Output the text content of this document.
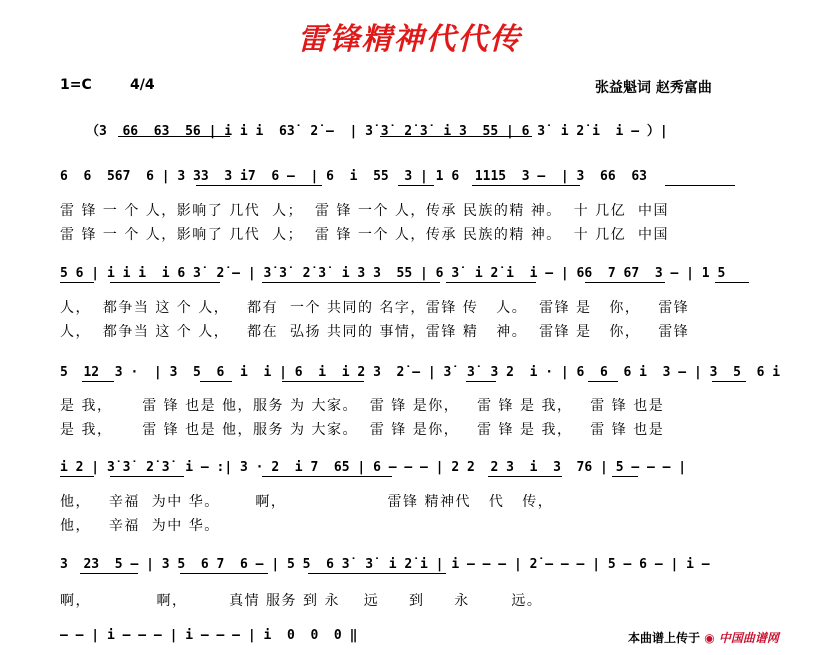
雷锋精神代代传
1=C	4/4	张益魁词 赵秀富曲
（3  66  63  56 | i i i  63̇  2̇ –  | 3̇ 3̇  2̇ 3̇  i 3  55 | 6 3̇  i 2̇ i  i – ）|
6  6  567  6 | 3 33  3 i7  6 –  | 6  i  55  3 | 1 6  1115  3 –  | 3  66  63
雷 锋 一 个 人，影响了 几代  人；  雷 锋 一个 人，传承 民族的精 神。  十 几亿  中国
雷 锋 一 个 人，影响了 几代  人；  雷 锋 一个 人，传承 民族的精 神。  十 几亿  中国
5 6 | i i i  i 6 3̇  2̇ – | 3̇ 3̇  2̇ 3̇  i 3 3  55 | 6 3̇  i 2̇ i  i – | 66  7 67  3 – | 1 5
人，  都争当 这 个 人，   都有  一个 共同的 名字，雷锋 传   人。  雷锋 是   你，   雷锋
人，  都争当 这 个 人，   都在  弘扬 共同的 事情，雷锋 精   神。  雷锋 是   你，   雷锋
5  12  3 ·  | 3  5  6  i  i | 6  i  i 2 3  2̇ – | 3̇  3̇  3 2  i · | 6  6  6 i  3 – | 3  5  6 i
是 我，     雷 锋 也是 他，服务 为 大家。  雷 锋 是你，   雷 锋 是 我，   雷 锋 也是
是 我，     雷 锋 也是 他，服务 为 大家。  雷 锋 是你，   雷 锋 是 我，   雷 锋 也是
i 2 | 3̇ 3̇  2̇ 3̇  i – :| 3 · 2  i 7  65 | 6 – – – | 2 2  2 3  i  3  76 | 5 – – – |
他，   辛福  为中 华。      啊，                 雷锋 精神代   代   传，
他，   辛福  为中 华。
3  23  5 – | 3 5  6 7  6 – | 5 5  6 3̇  3̇  i 2̇ i | i – – – | 2̇ – – – | 5 – 6 – | i –
啊，           啊，       真情 服务 到 永    远     到     永       远。
– – | i – – – | i – – – | i  0  0  0 ‖	本曲谱上传于 ◉ 中国曲谱网
